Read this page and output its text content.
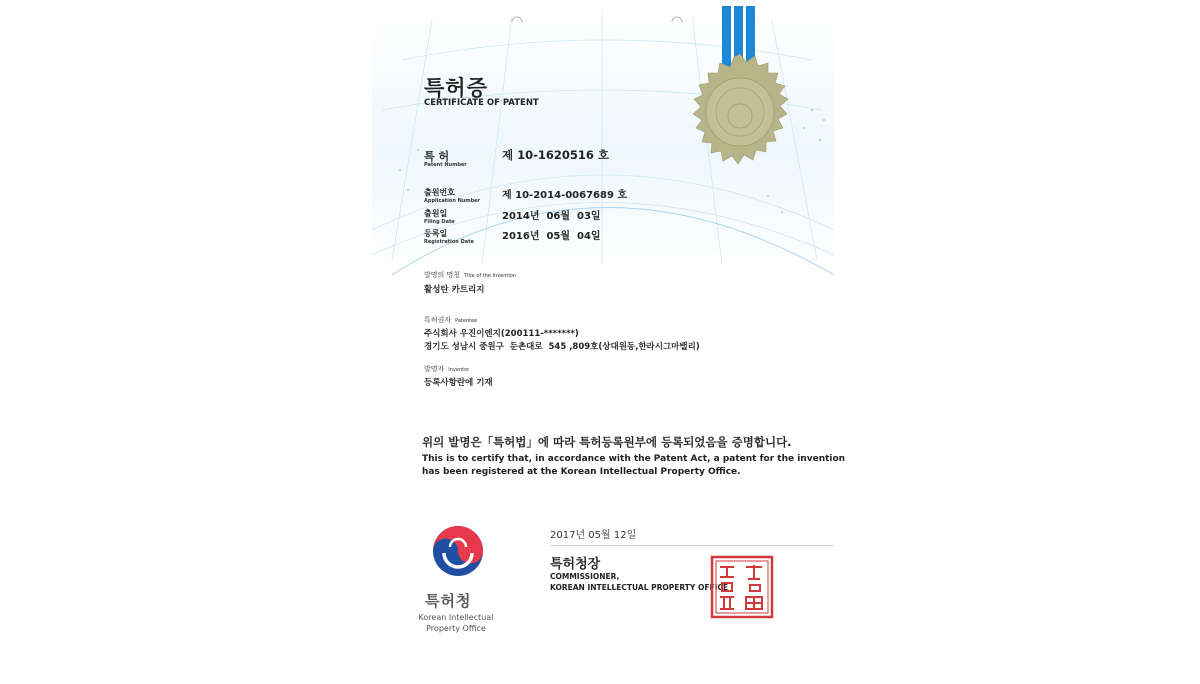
특허증
CERTIFICATE OF PATENT
특 허
Patent Number
제 10-1620516 호
출원번호
Application Number 제 10-2014-0067689 호
출원일
Filing Date	2014년  06월  03일
등록일
Registration Date	2016년  05월  04일
발명의 명칭 Title of the Invention
활성탄 카트리지
특허권자 Patentee
주식회사 우진이엔지(200111-*******)
경기도 성남시 중원구  둔촌대로  545 ,809호(상대원동,한라시그마밸리)
발명자 Inventor
등록사항란에 기재
위의 발명은「특허법」에 따라 특허등록원부에 등록되었음을 증명합니다.
This is to certify that, in accordance with the Patent Act, a patent for the invention
has been registered at the Korean Intellectual Property Office.
특허청
Korean Intellectual
Property Office
2017년 05월 12일
특허청장
COMMISSIONER,
KOREAN INTELLECTUAL PROPERTY OFFICE
